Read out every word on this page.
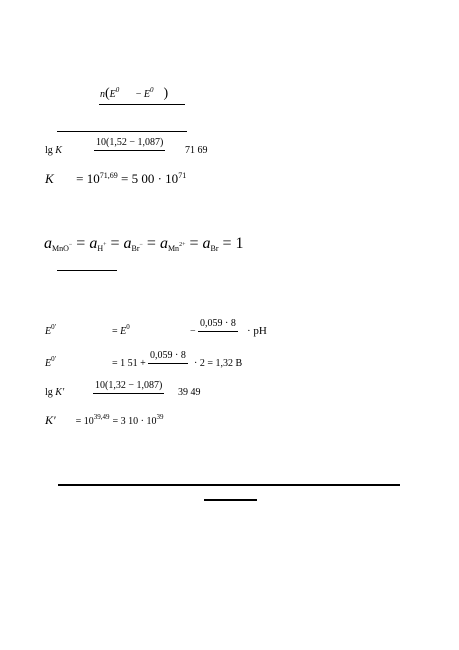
$n(E^0 - E^0$ )
lg K
10(1,52 − 1,087)
71 69
$K = 10^{71,69} = 5$ $00 \cdot 10^{71}$
aMnO− = aH+ = aBr− = aMn$^{2+}$ = aBr = 1
$E^{0'}$	= $E^0$	−
0,059 · 8
· pH
$E^{0'}$	= 1 51 +
0,059 · 8
· 2 = 1,32 B
lg K′
10(1,32 − 1,087)
39 49
$K' = 10^{39,49} = 3$ $10 \cdot 10^{39}$
